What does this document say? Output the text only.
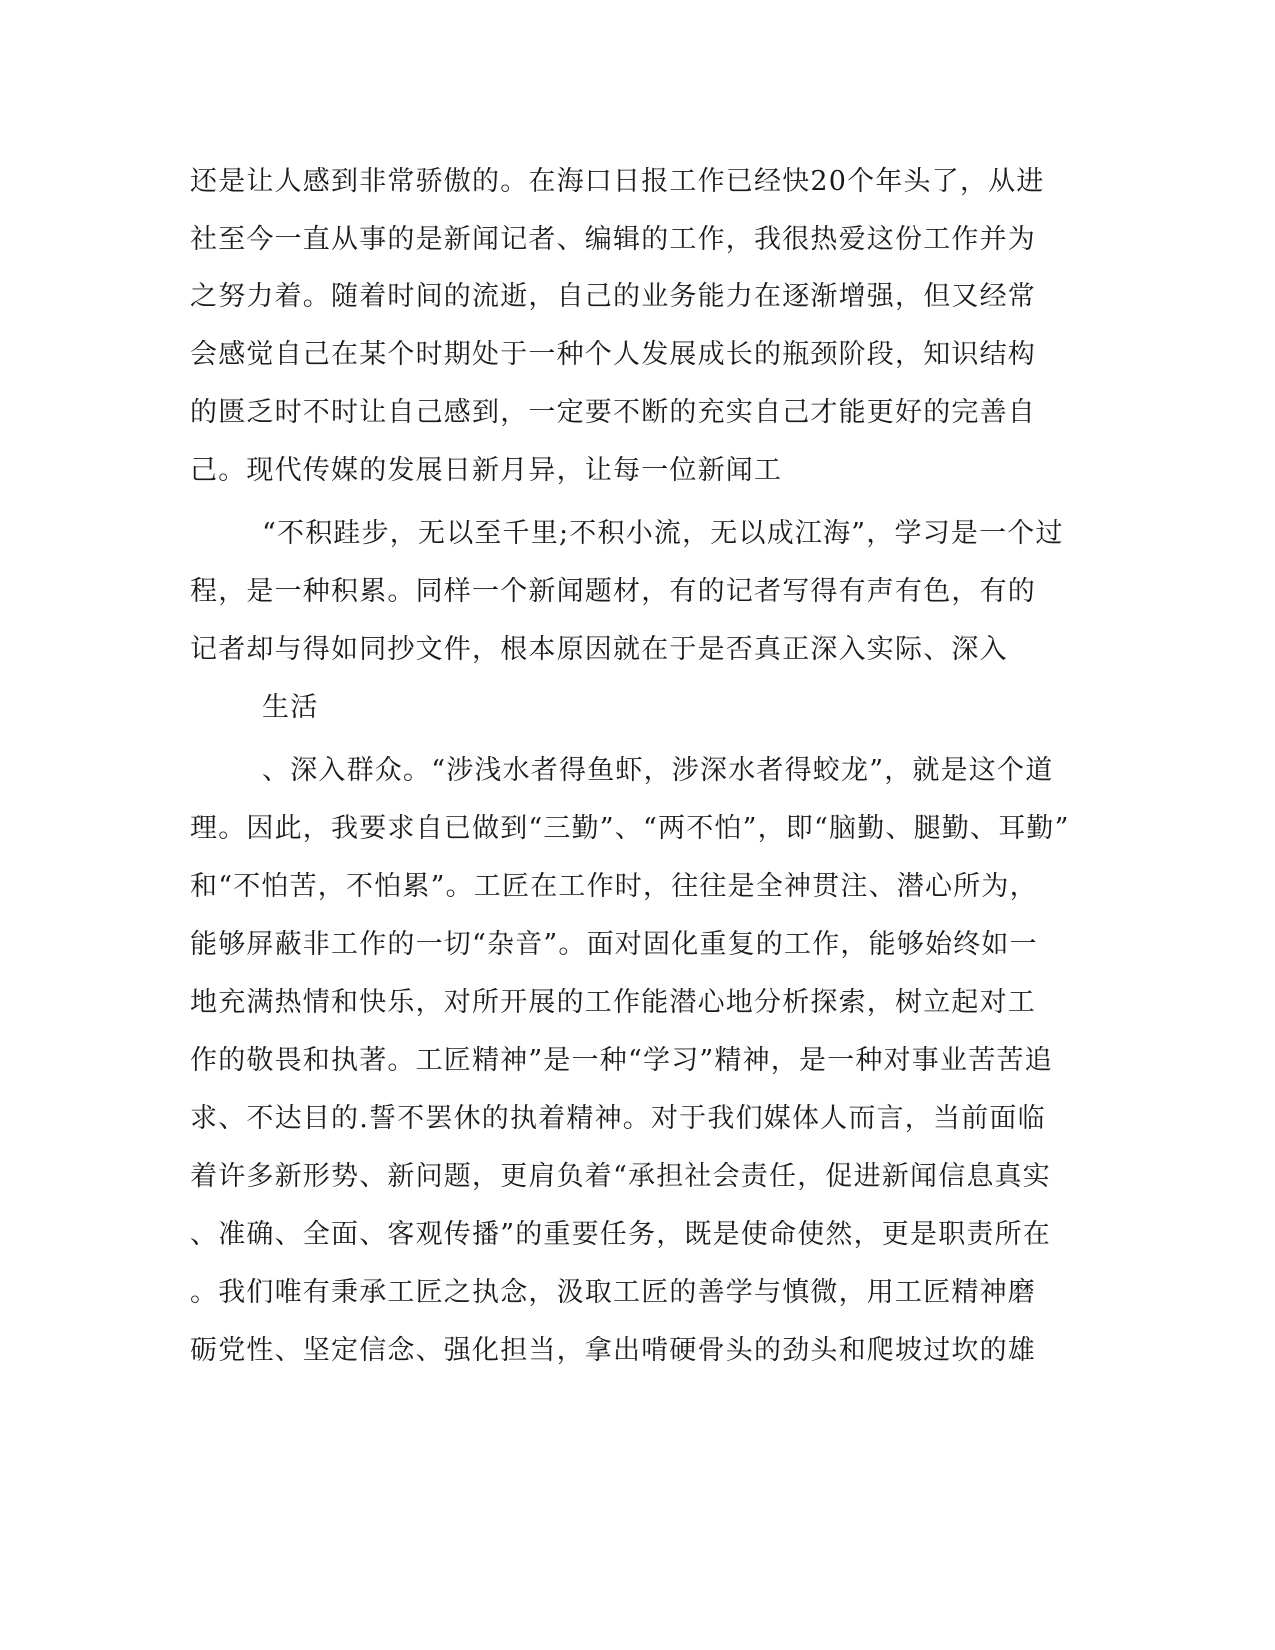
还是让人感到非常骄傲的。在海口日报工作已经快20个年头了，从进
社至今一直从事的是新闻记者、编辑的工作，我很热爱这份工作并为
之努力着。随着时间的流逝，自己的业务能力在逐渐增强，但又经常
会感觉自己在某个时期处于一种个人发展成长的瓶颈阶段，知识结构
的匮乏时不时让自己感到，一定要不断的充实自己才能更好的完善自
己。现代传媒的发展日新月异，让每一位新闻工
“不积跬步，无以至千里;不积小流，无以成江海”，学习是一个过
程，是一种积累。同样一个新闻题材，有的记者写得有声有色，有的
记者却与得如同抄文件，根本原因就在于是否真正深入实际、深入
生活
、深入群众。“涉浅水者得鱼虾，涉深水者得蛟龙”，就是这个道
理。因此，我要求自已做到“三勤”、“两不怕”，即“脑勤、腿勤、耳勤”
和“不怕苦，不怕累”。工匠在工作时，往往是全神贯注、潜心所为，
能够屏蔽非工作的一切“杂音”。面对固化重复的工作，能够始终如一
地充满热情和快乐，对所开展的工作能潜心地分析探索，树立起对工
作的敬畏和执著。工匠精神”是一种“学习”精神，是一种对事业苦苦追
求、不达目的.誓不罢休的执着精神。对于我们媒体人而言，当前面临
着许多新形势、新问题，更肩负着“承担社会责任，促进新闻信息真实
、准确、全面、客观传播”的重要任务，既是使命使然，更是职责所在
。我们唯有秉承工匠之执念，汲取工匠的善学与慎微，用工匠精神磨
砺党性、坚定信念、强化担当，拿出啃硬骨头的劲头和爬坡过坎的雄
